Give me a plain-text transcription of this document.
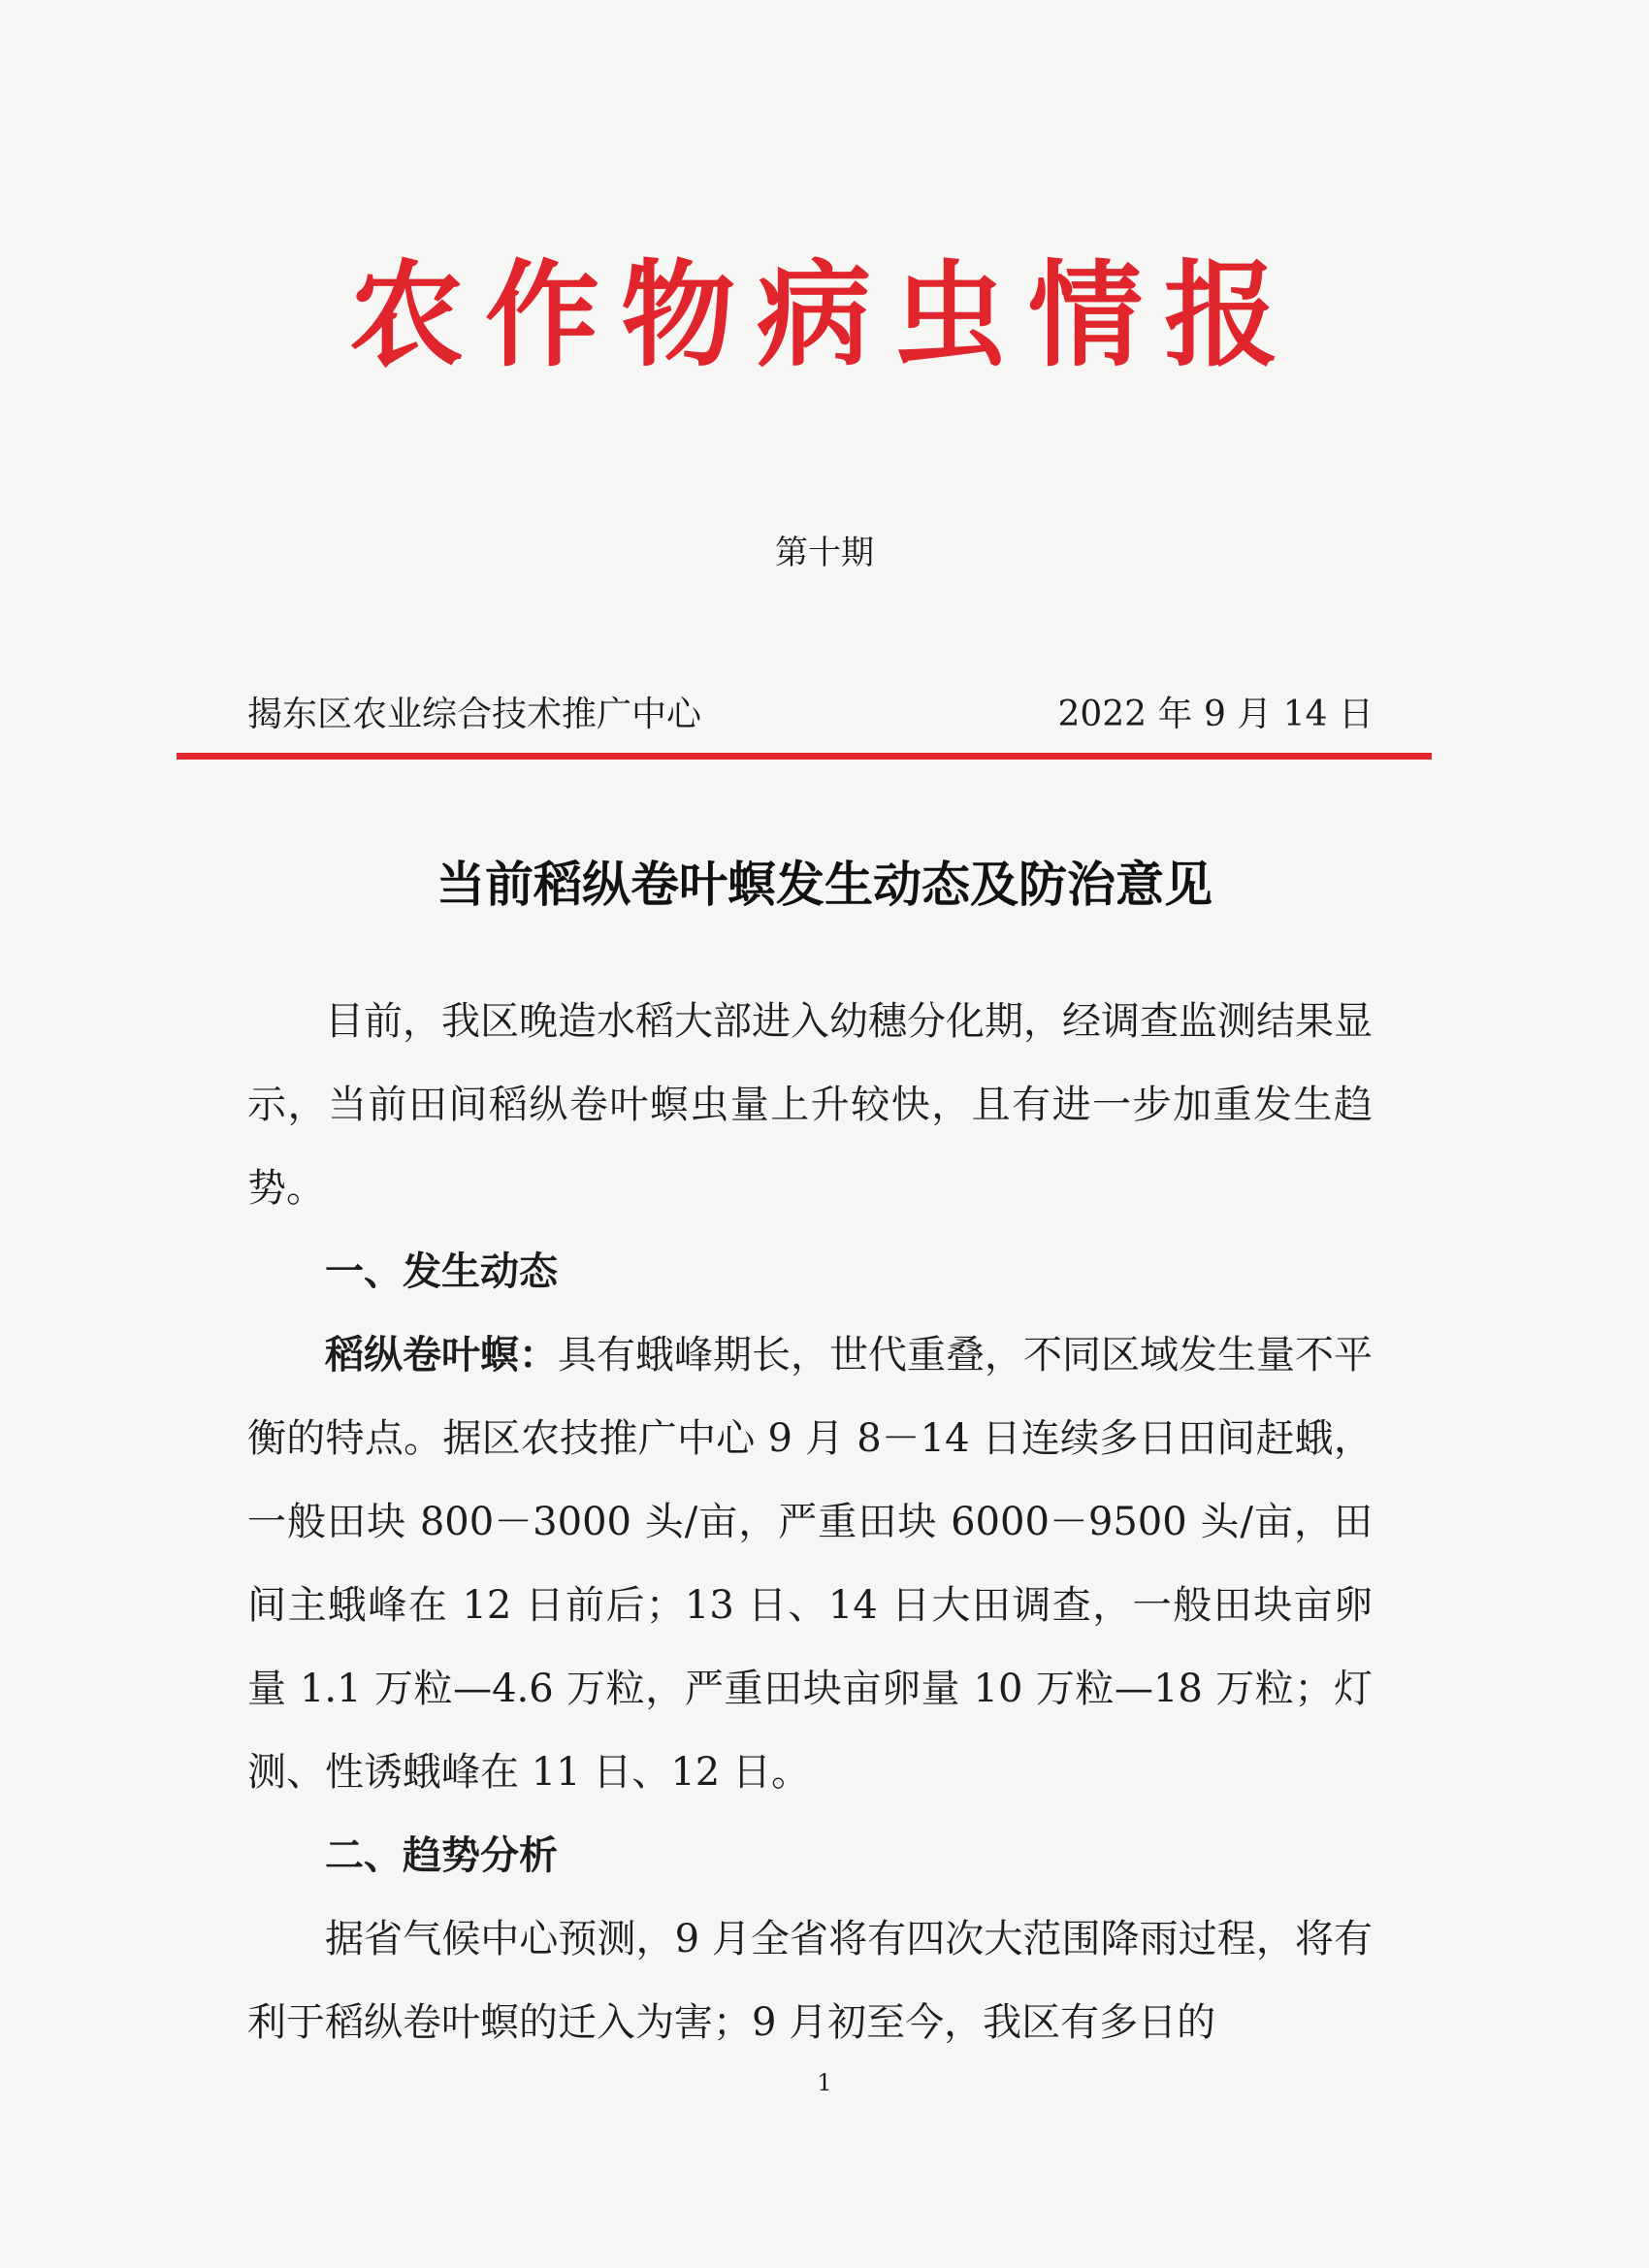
农作物病虫情报
第十期
揭东区农业综合技术推广中心	2022 年 9 月 14 日
当前稻纵卷叶螟发生动态及防治意见

目前，我区晚造水稻大部进入幼穗分化期，经调查监测结果显示，当前田间稻纵卷叶螟虫量上升较快，且有进一步加重发生趋势。

一、发生动态

稻纵卷叶螟：具有蛾峰期长，世代重叠，不同区域发生量不平衡的特点。据区农技推广中心 9 月 8－14 日连续多日田间赶蛾，一般田块 800－3000 头/亩，严重田块 6000－9500 头/亩，田间主蛾峰在 12 日前后；13 日、14 日大田调查，一般田块亩卵量 1.1 万粒—4.6 万粒，严重田块亩卵量 10 万粒—18 万粒；灯测、性诱蛾峰在 11 日、12 日。

二、趋势分析

据省气候中心预测，9 月全省将有四次大范围降雨过程，将有利于稻纵卷叶螟的迁入为害；9 月初至今，我区有多日的

1
